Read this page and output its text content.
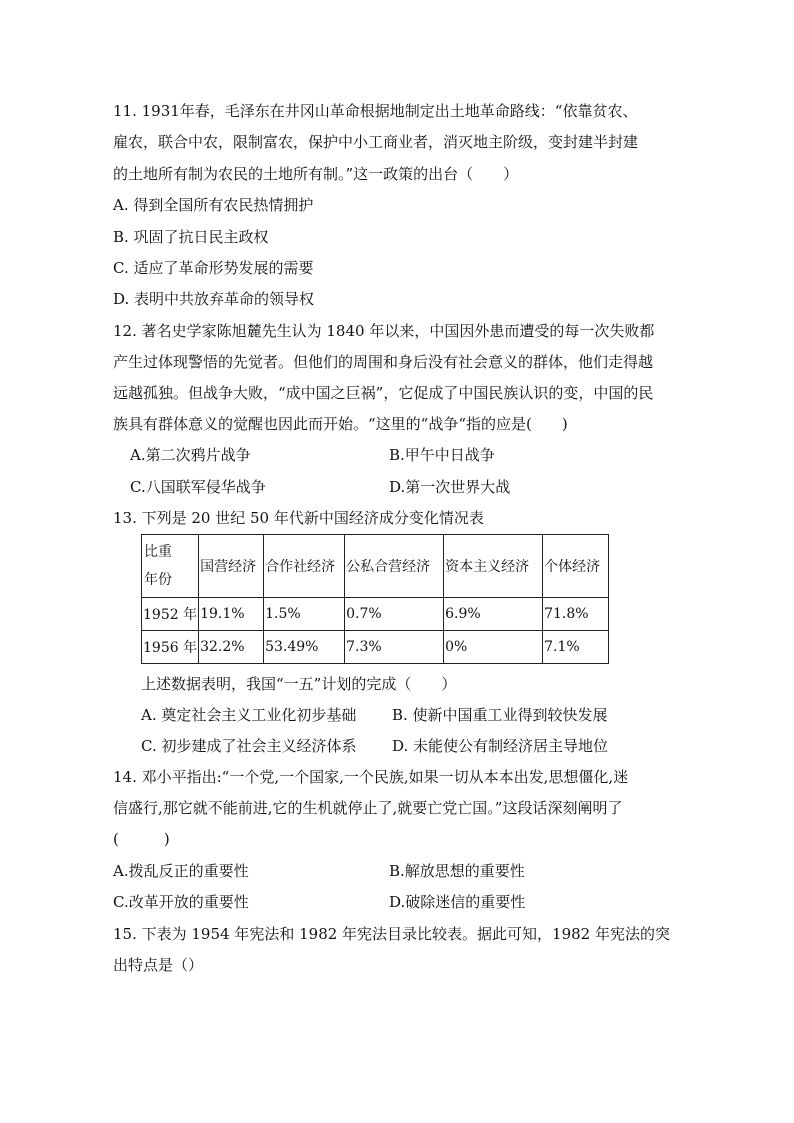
11. 1931年春，毛泽东在井冈山革命根据地制定出土地革命路线：“依靠贫农、
雇农，联合中农，限制富农，保护中小工商业者，消灭地主阶级，变封建半封建
的土地所有制为农民的土地所有制。”这一政策的出台（　　）
A. 得到全国所有农民热情拥护
B. 巩固了抗日民主政权
C. 适应了革命形势发展的需要
D. 表明中共放弃革命的领导权
12. 著名史学家陈旭麓先生认为 1840 年以来，中国因外患而遭受的每一次失败都
产生过体现警悟的先觉者。但他们的周围和身后没有社会意义的群体，他们走得越
远越孤独。但战争大败，“成中国之巨祸”，它促成了中国民族认识的变，中国的民
族具有群体意义的觉醒也因此而开始。“这里的“战争“指的应是(　　)
A.第二次鸦片战争	B.甲午中日战争
C.八国联军侵华战争	D.第一次世界大战
13. 下列是 20 世纪 50 年代新中国经济成分变化情况表
比重
年份	国营经济	合作社经济	公私合营经济	资本主义经济	个体经济
1952 年	19.1%	1.5%	0.7%	6.9%	71.8%
1956 年	32.2%	53.49%	7.3%	0%	7.1%
上述数据表明，我国“一五”计划的完成（　　）
A. 奠定社会主义工业化初步基础 B. 使新中国重工业得到较快发展
C. 初步建成了社会主义经济体系 D. 未能使公有制经济居主导地位
14. 邓小平指出:“一个党,一个国家,一个民族,如果一切从本本出发,思想僵化,迷
信盛行,那它就不能前进,它的生机就停止了,就要亡党亡国。”这段话深刻阐明了
(　　　)
A.拨乱反正的重要性	B.解放思想的重要性
C.改革开放的重要性	D.破除迷信的重要性
15. 下表为 1954 年宪法和 1982 年宪法目录比较表。据此可知，1982 年宪法的突
出特点是（）
